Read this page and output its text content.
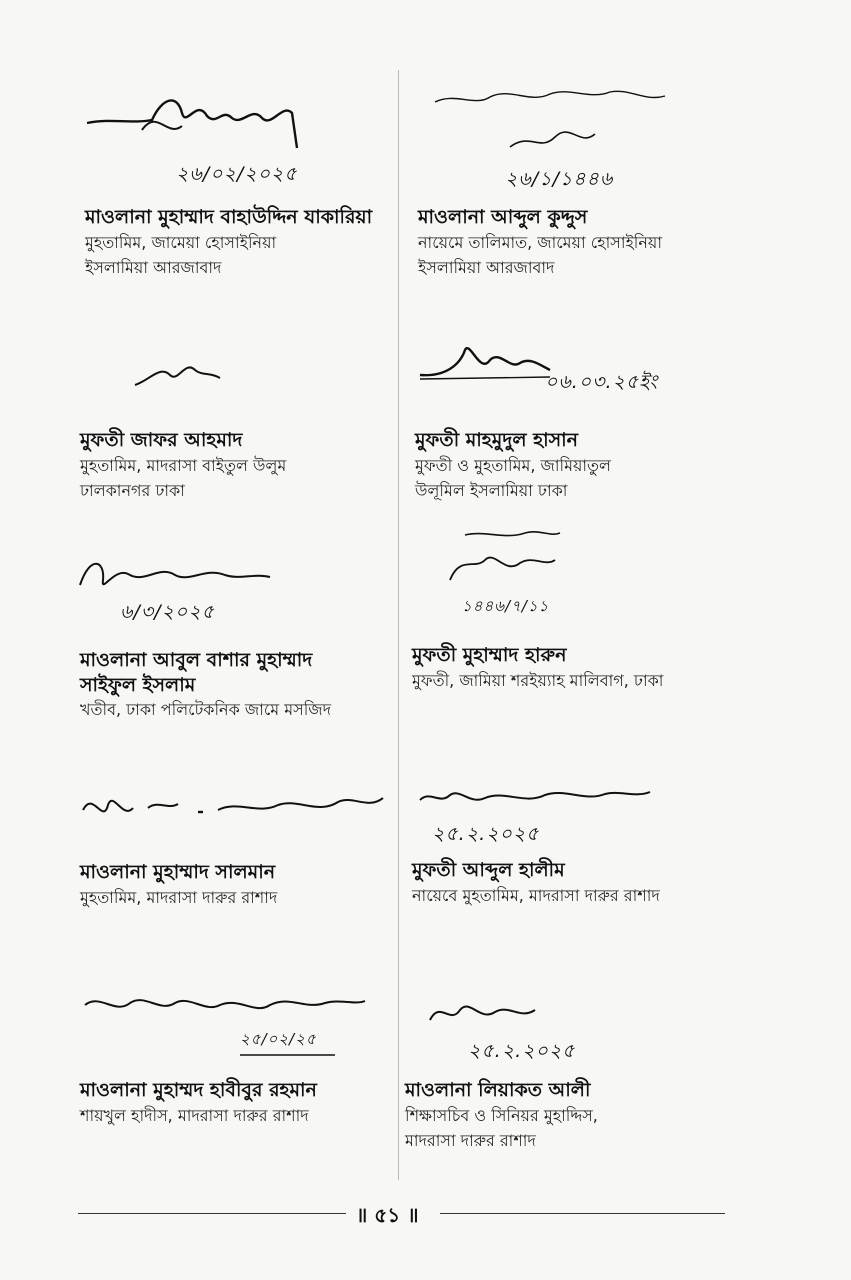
২৬/০২/২০২৫
মাওলানা মুহাম্মাদ বাহাউদ্দিন যাকারিয়া
মুহতামিম, জামেয়া হোসাইনিয়া
ইসলামিয়া আরজাবাদ
২৬/১/১৪৪৬
মাওলানা আব্দুল কুদ্দুস
নায়েমে তালিমাত, জামেয়া হোসাইনিয়া
ইসলামিয়া আরজাবাদ
মুফতী জাফর আহমাদ
মুহতামিম, মাদরাসা বাইতুল উলুম
ঢালকানগর ঢাকা
০৬.০৩.২৫ইং
মুফতী মাহমুদুল হাসান
মুফতী ও মুহতামিম, জামিয়াতুল
উলূমিল ইসলামিয়া ঢাকা
৬/৩/২০২৫
মাওলানা আবুল বাশার মুহাম্মাদ
সাইফুল ইসলাম
খতীব, ঢাকা পলিটেকনিক জামে মসজিদ
১৪৪৬/৭/১১
মুফতী মুহাম্মাদ হারুন
মুফতী, জামিয়া শরইয়্যাহ মালিবাগ, ঢাকা
মাওলানা মুহাম্মাদ সালমান
মুহতামিম, মাদরাসা দারুর রাশাদ
২৫.২.২০২৫
মুফতী আব্দুল হালীম
নায়েবে মুহতামিম, মাদরাসা দারুর রাশাদ
২৫/০২/২৫
মাওলানা মুহাম্মদ হাবীবুর রহমান
শায়খুল হাদীস, মাদরাসা দারুর রাশাদ
২৫.২.২০২৫
মাওলানা লিয়াকত আলী
শিক্ষাসচিব ও সিনিয়র মুহাদ্দিস,
মাদরাসা দারুর রাশাদ
॥ ৫১ ॥
